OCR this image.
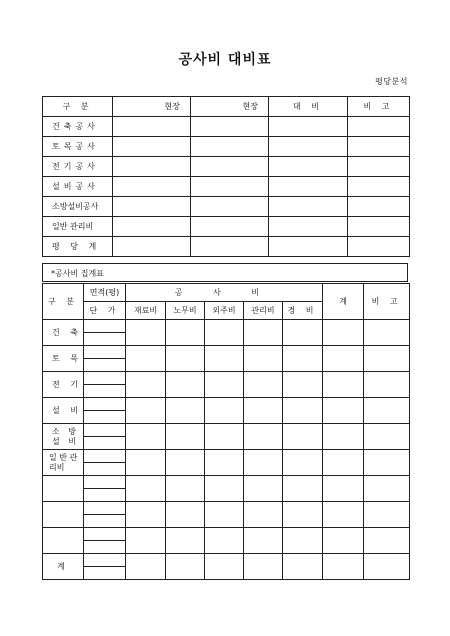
공사비 대비표
평당분석
구 분	현장	현장	대 비	비 고
건축공사				
토목공사				
전기공사				
설비공사				
소방설비공사				
일반 관리비				
평 당 계				
*공사비 집계표
구 분	면적(평)	공 사 비					계	비 고
	단 가	재료비	노무비	외주비	관리비	경 비		
건 축								

토 목								

전 기								

설 비								

소 방 설 비								

일 반 관리비								

계								
